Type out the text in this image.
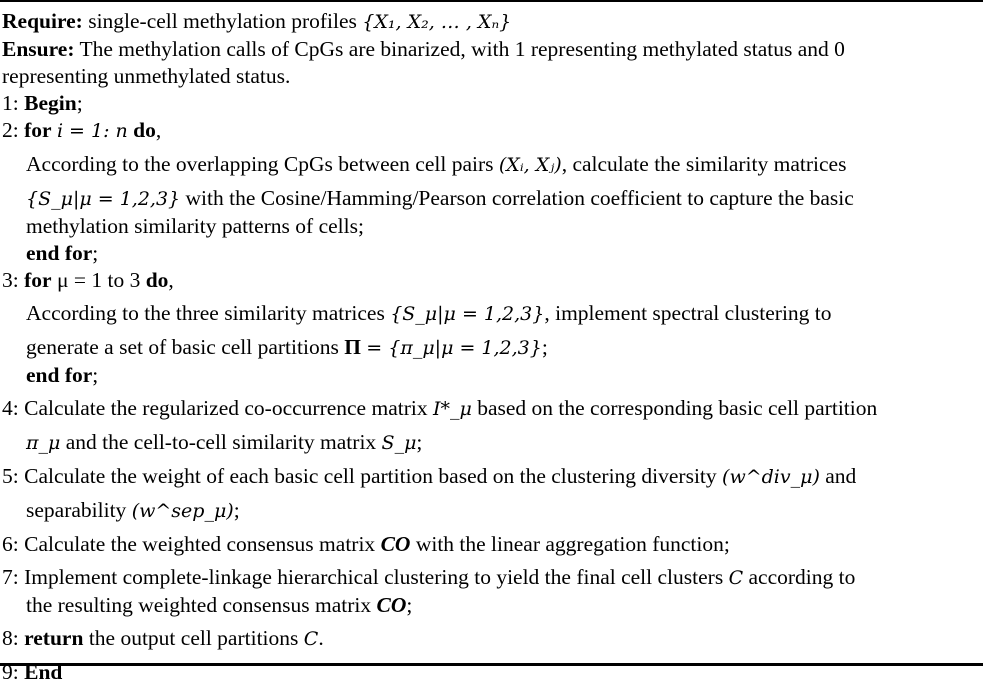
Require: single-cell methylation profiles {X₁, X₂, … , Xₙ}
Ensure: The methylation calls of CpGs are binarized, with 1 representing methylated status and 0
representing unmethylated status.
1: Begin;
2: for i = 1: n do,
According to the overlapping CpGs between cell pairs (Xᵢ, Xⱼ), calculate the similarity matrices
{S_μ|μ = 1,2,3} with the Cosine/Hamming/Pearson correlation coefficient to capture the basic
methylation similarity patterns of cells;
end for;
3: for μ = 1 to 3 do,
According to the three similarity matrices {S_μ|μ = 1,2,3}, implement spectral clustering to
generate a set of basic cell partitions Π = {π_μ|μ = 1,2,3};
end for;
4: Calculate the regularized co-occurrence matrix I*_μ based on the corresponding basic cell partition
π_μ and the cell-to-cell similarity matrix S_μ;
5: Calculate the weight of each basic cell partition based on the clustering diversity (w^div_μ) and
separability (w^sep_μ);
6: Calculate the weighted consensus matrix CO with the linear aggregation function;
7: Implement complete-linkage hierarchical clustering to yield the final cell clusters C according to
the resulting weighted consensus matrix CO;
8: return the output cell partitions C.
9: End
